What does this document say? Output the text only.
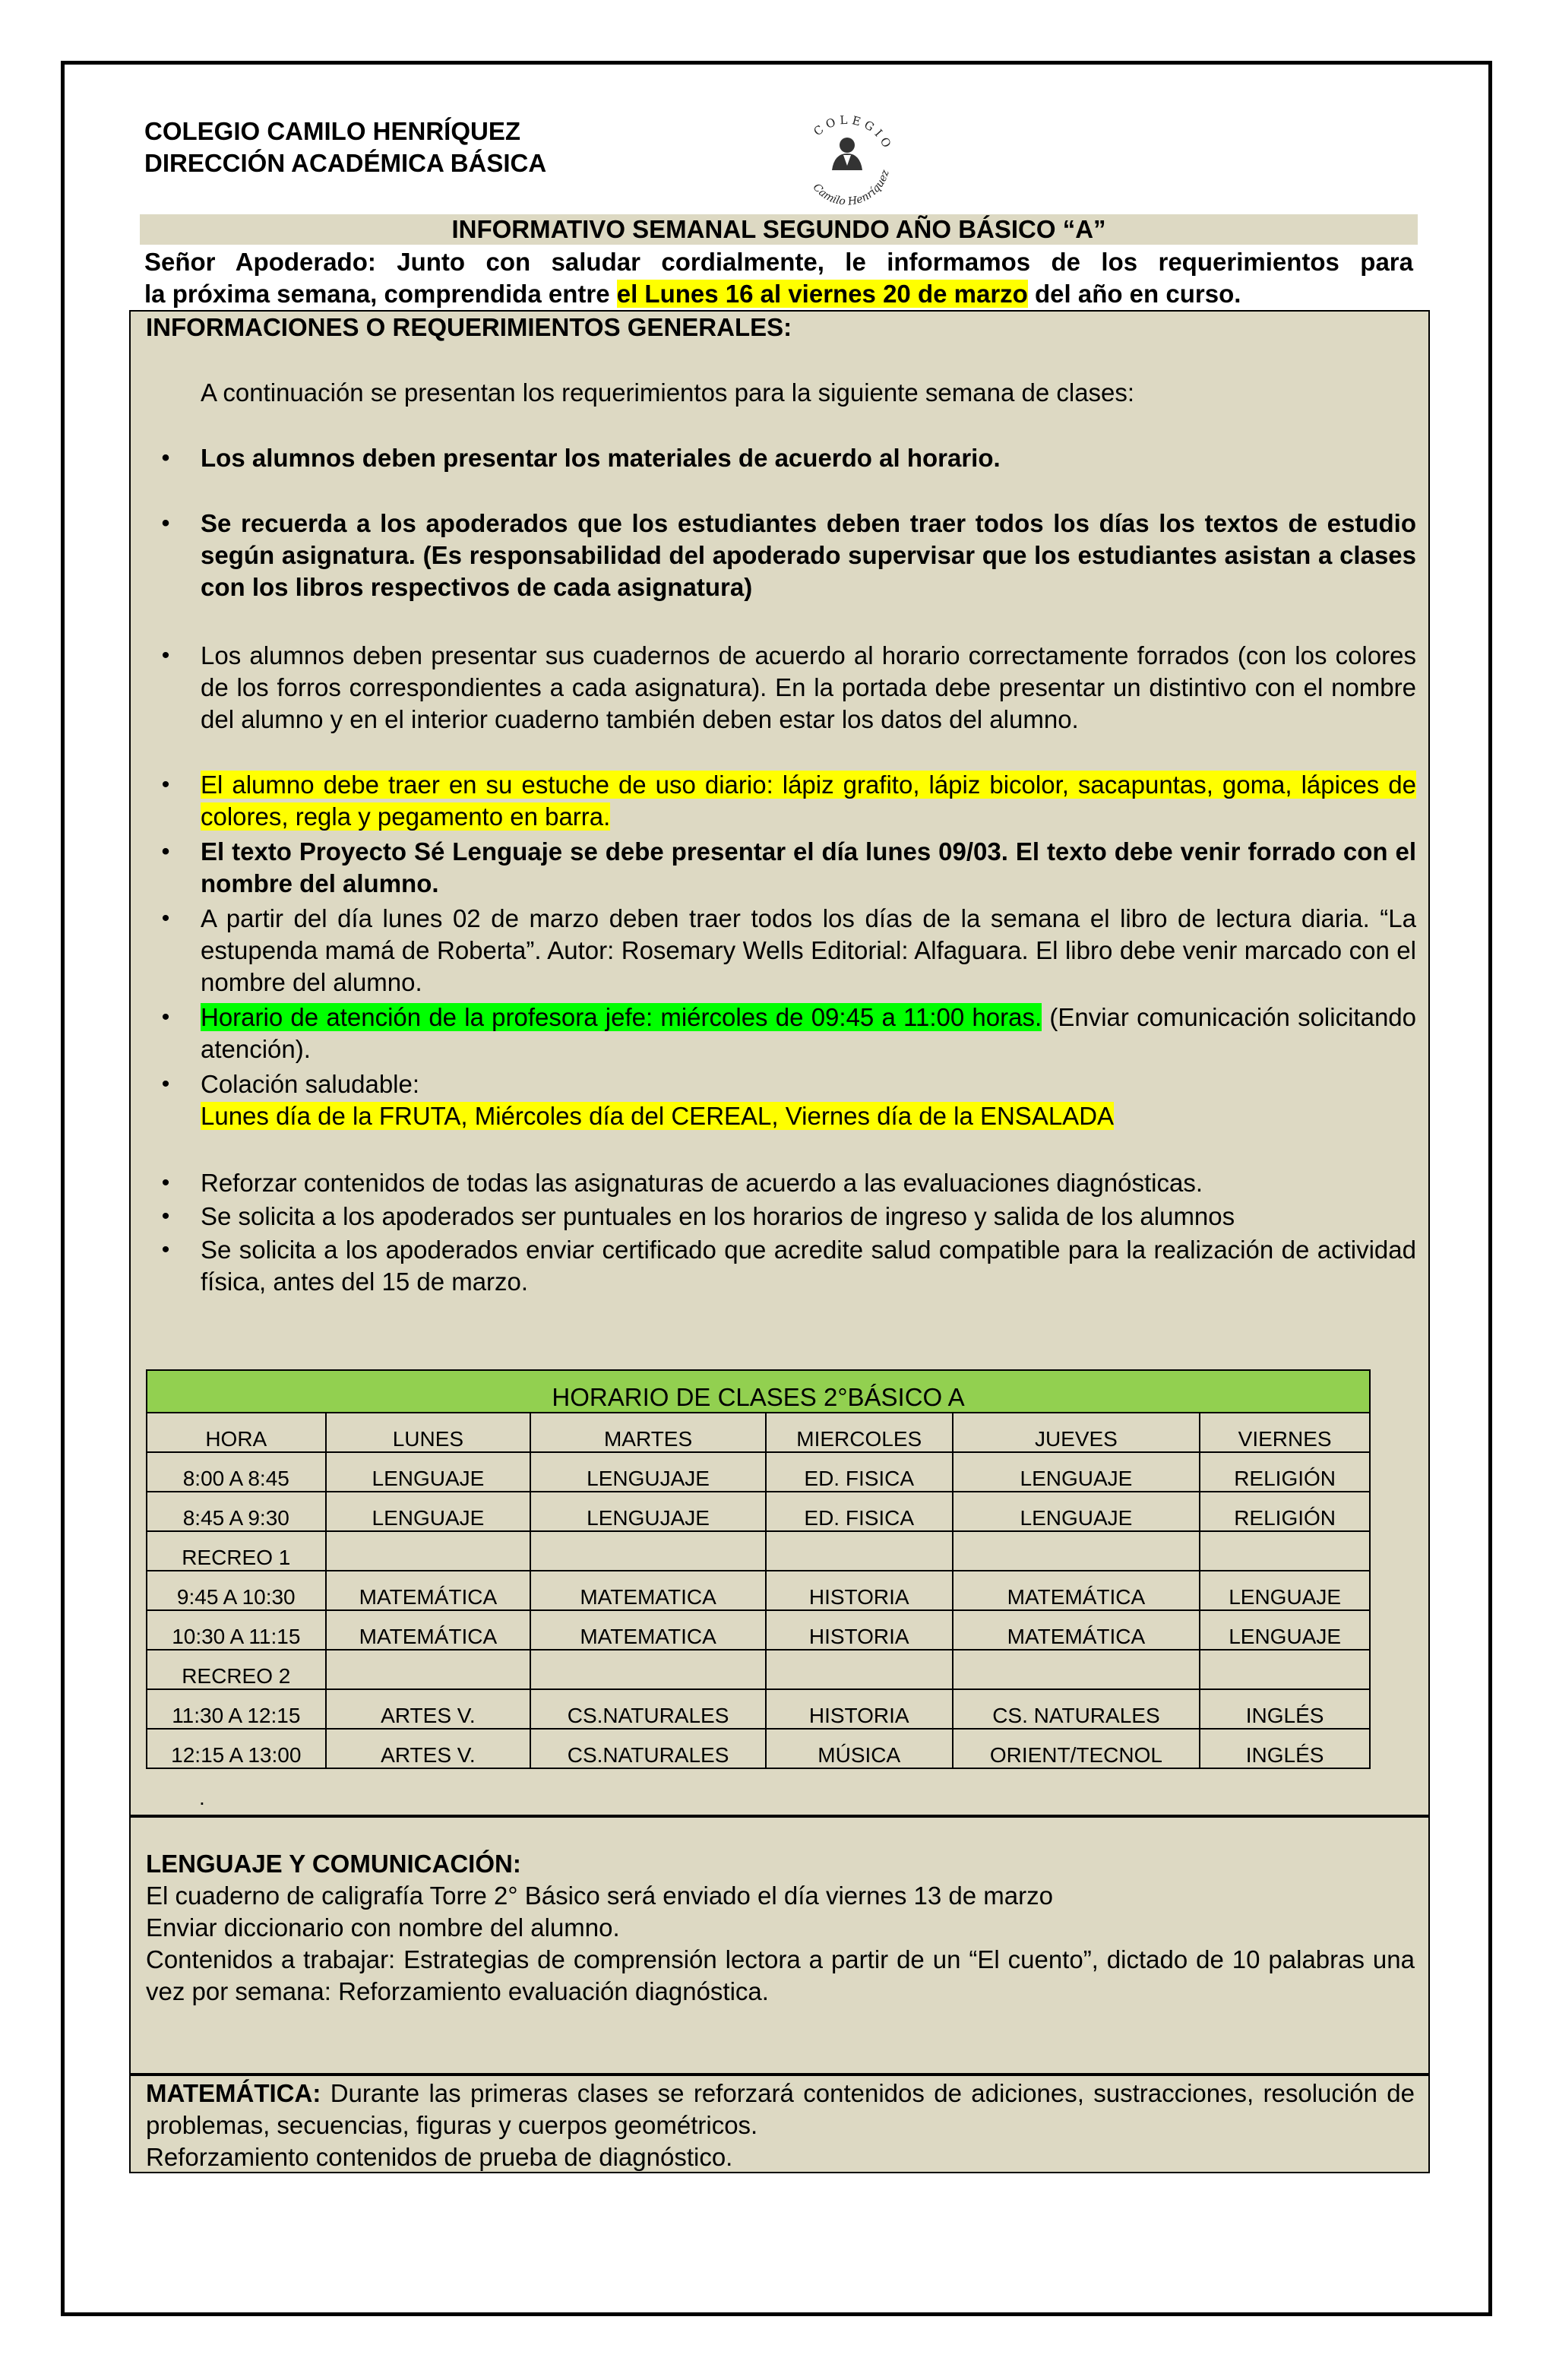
COLEGIO CAMILO HENRÍQUEZ
DIRECCIÓN ACADÉMICA BÁSICA
COLEGIO
Camilo Henríquez
INFORMATIVO SEMANAL SEGUNDO AÑO BÁSICO “A”
Señor Apoderado: Junto con saludar cordialmente, le informamos de los requerimientos para
la próxima semana, comprendida entre el Lunes 16 al viernes 20 de marzo del año en curso.
INFORMACIONES O REQUERIMIENTOS GENERALES:
A continuación se presentan los requerimientos para la siguiente semana de clases:
•	Los alumnos deben presentar los materiales de acuerdo al horario.
•	Se recuerda a los apoderados que los estudiantes deben traer todos los días los textos de estudio según asignatura. (Es responsabilidad del apoderado supervisar que los estudiantes asistan a clases con los libros respectivos de cada asignatura)
•	Los alumnos deben presentar sus cuadernos de acuerdo al horario correctamente forrados (con los colores de los forros correspondientes a cada asignatura). En la portada debe presentar un distintivo con el nombre del alumno y en el interior cuaderno también deben estar los datos del alumno.
•	El alumno debe traer en su estuche de uso diario: lápiz grafito, lápiz bicolor, sacapuntas, goma, lápices de colores, regla y pegamento en barra.
•	El texto Proyecto Sé Lenguaje se debe presentar el día lunes 09/03. El texto debe venir forrado con el nombre del alumno.
•	A partir del día lunes 02 de marzo deben traer todos los días de la semana el libro de lectura diaria. “La estupenda mamá de Roberta”. Autor: Rosemary Wells Editorial: Alfaguara. El libro debe venir marcado con el nombre del alumno.
•	Horario de atención de la profesora jefe: miércoles de 09:45 a 11:00 horas. (Enviar comunicación solicitando atención).
•	Colación saludable:
Lunes día de la FRUTA, Miércoles día del CEREAL, Viernes día de la ENSALADA
•	Reforzar contenidos de todas las asignaturas de acuerdo a las evaluaciones diagnósticas.
•	Se solicita a los apoderados ser puntuales en los horarios de ingreso y salida de los alumnos
•	Se solicita a los apoderados enviar certificado que acredite salud compatible para la realización de actividad física, antes del 15 de marzo.
HORARIO DE CLASES 2°BÁSICO A					
HORA	LUNES	MARTES	MIERCOLES	JUEVES	VIERNES
8:00 A 8:45	LENGUAJE	LENGUJAJE	ED. FISICA	LENGUAJE	RELIGIÓN
8:45 A 9:30	LENGUAJE	LENGUJAJE	ED. FISICA	LENGUAJE	RELIGIÓN
RECREO 1					
9:45 A 10:30	MATEMÁTICA	MATEMATICA	HISTORIA	MATEMÁTICA	LENGUAJE
10:30 A 11:15	MATEMÁTICA	MATEMATICA	HISTORIA	MATEMÁTICA	LENGUAJE
RECREO 2					
11:30 A 12:15	ARTES V.	CS.NATURALES	HISTORIA	CS. NATURALES	INGLÉS
12:15 A 13:00	ARTES V.	CS.NATURALES	MÚSICA	ORIENT/TECNOL	INGLÉS
.
LENGUAJE Y COMUNICACIÓN:
El cuaderno de caligrafía Torre 2° Básico será enviado el día viernes 13 de marzo
Enviar diccionario con nombre del alumno.
Contenidos a trabajar: Estrategias de comprensión lectora a partir de un “El cuento”, dictado de 10 palabras una vez por semana: Reforzamiento evaluación diagnóstica.
MATEMÁTICA: Durante las primeras clases se reforzará contenidos de adiciones, sustracciones, resolución de problemas, secuencias, figuras y cuerpos geométricos.
Reforzamiento contenidos de prueba de diagnóstico.
